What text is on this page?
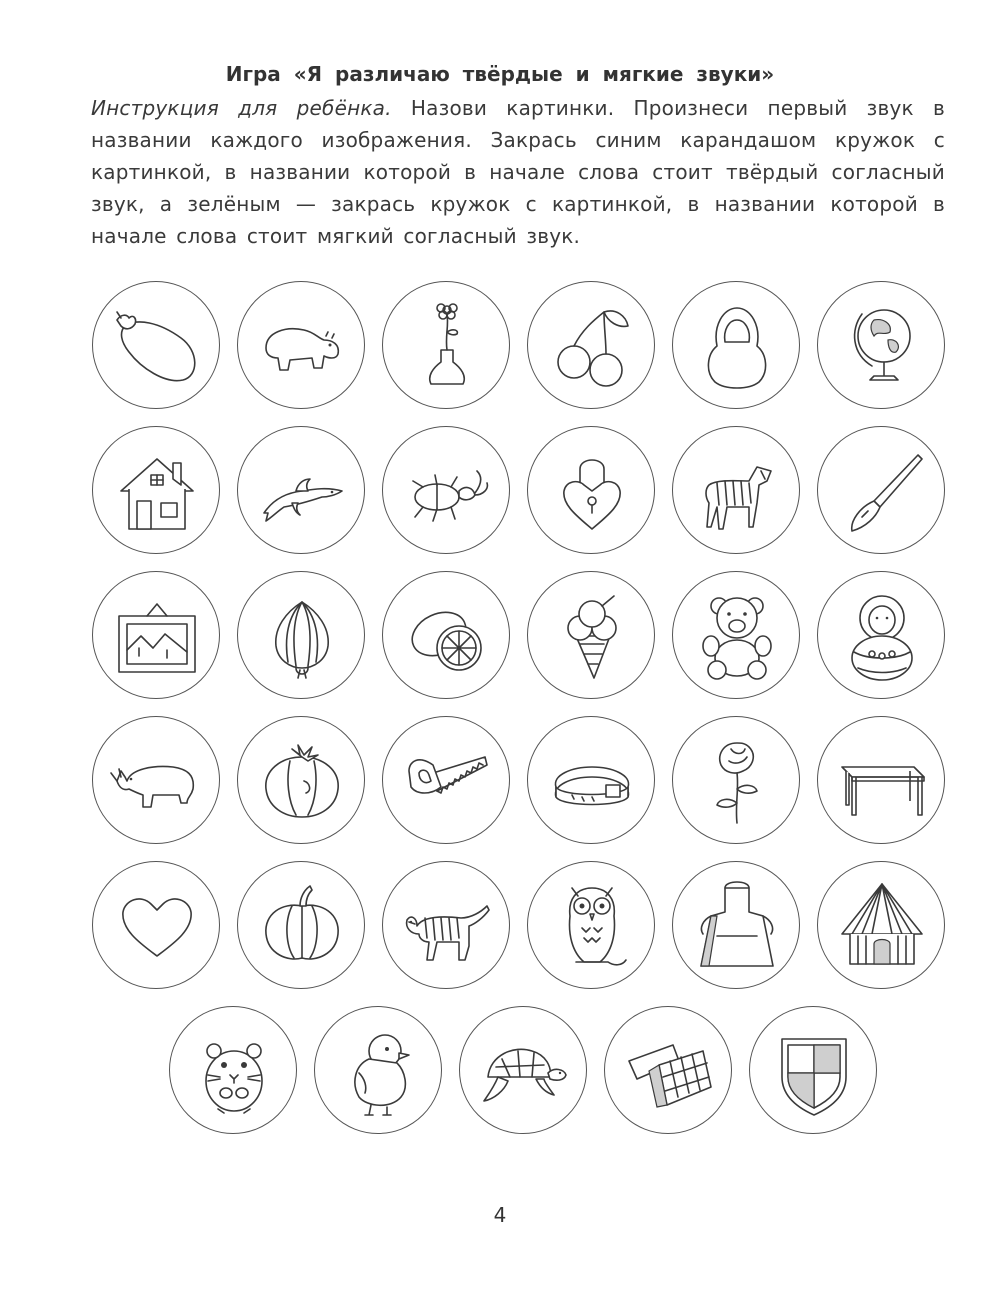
Игра «Я различаю твёрдые и мягкие звуки»
Инструкция для ребёнка. Назови картинки. Произнеси первый звук в названии каждого изображения. Закрась синим карандашом кружок с картинкой, в названии которой в начале слова стоит твёрдый согласный звук, а зелёным — закрась кружок с картинкой, в названии которой в начале слова стоит мягкий согласный звук.
4
